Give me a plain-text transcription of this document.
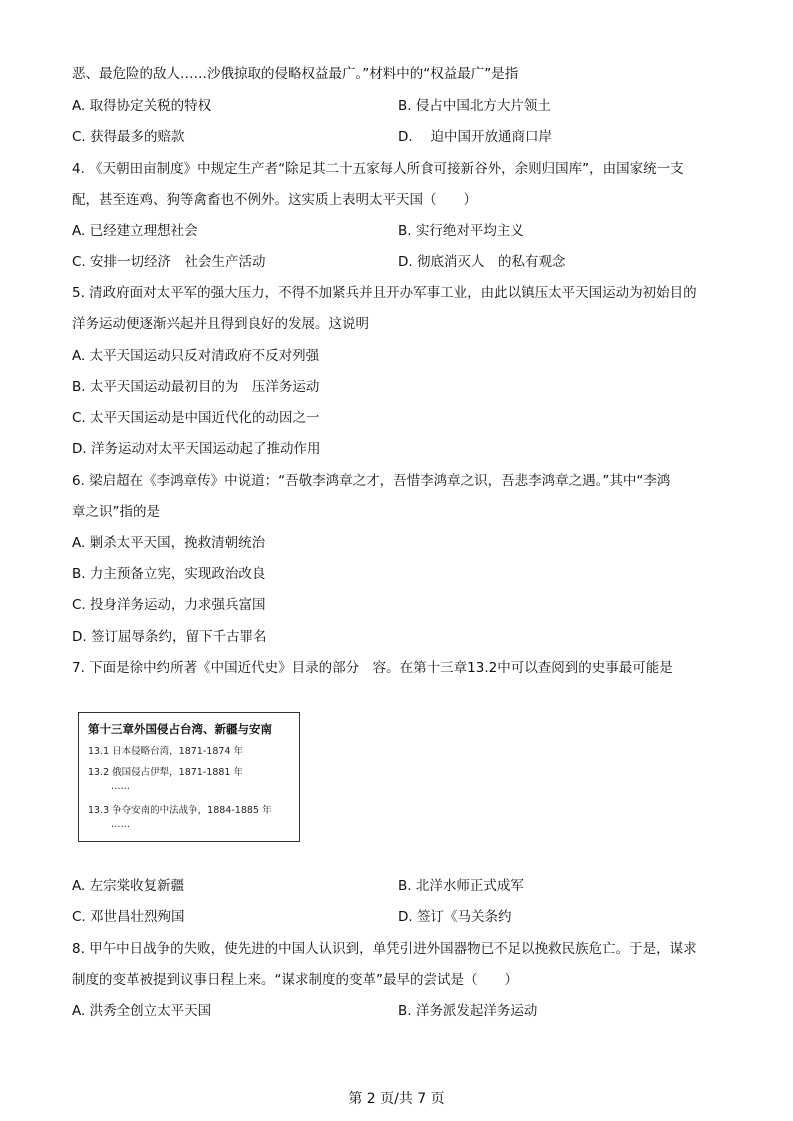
恶、最危险的敌人……沙俄掠取的侵略权益最广。”材料中的“权益最广”是指
A. 取得协定关税的特权	B. 侵占中国北方大片领土
C. 获得最多的赔款	D. 　迫中国开放通商口岸
4. 《天朝田亩制度》中规定生产者“除足其二十五家每人所食可接新谷外，余则归国库”，由国家统一支
配，甚至连鸡、狗等禽畜也不例外。这实质上表明太平天国（　　）
A. 已经建立理想社会	B. 实行绝对平均主义
C. 安排一切经济　社会生产活动	D. 彻底消灭人　的私有观念
5. 清政府面对太平军的强大压力，不得不加紧兵并且开办军事工业，由此以镇压太平天国运动为初始目的
洋务运动便逐渐兴起并且得到良好的发展。这说明
A. 太平天国运动只反对清政府不反对列强
B. 太平天国运动最初目的为　压洋务运动
C. 太平天国运动是中国近代化的动因之一
D. 洋务运动对太平天国运动起了推动作用
6. 梁启超在《李鸿章传》中说道：“吾敬李鸿章之才，吾惜李鸿章之识，吾悲李鸿章之遇。”其中“李鸿
章之识”指的是
A. 剿杀太平天国，挽救清朝统治
B. 力主预备立宪，实现政治改良
C. 投身洋务运动，力求强兵富国
D. 签订屈辱条约，留下千古罪名
7. 下面是徐中约所著《中国近代史》目录的部分　容。在第十三章13.2中可以查阅到的史事最可能是
第十三章外国侵占台湾、新疆与安南
13.1 日本侵略台湾，1871-1874 年
13.2 俄国侵占伊犁，1871-1881 年
……
13.3 争夺安南的中法战争，1884-1885 年
……
A. 左宗棠收复新疆	B. 北洋水师正式成军
C. 邓世昌壮烈殉国	D. 签订《马关条约
8. 甲午中日战争的失败，使先进的中国人认识到，单凭引进外国器物已不足以挽救民族危亡。于是，谋求
制度的变革被提到议事日程上来。“谋求制度的变革”最早的尝试是（　　）
A. 洪秀全创立太平天国	B. 洋务派发起洋务运动
第 2 页/共 7 页
